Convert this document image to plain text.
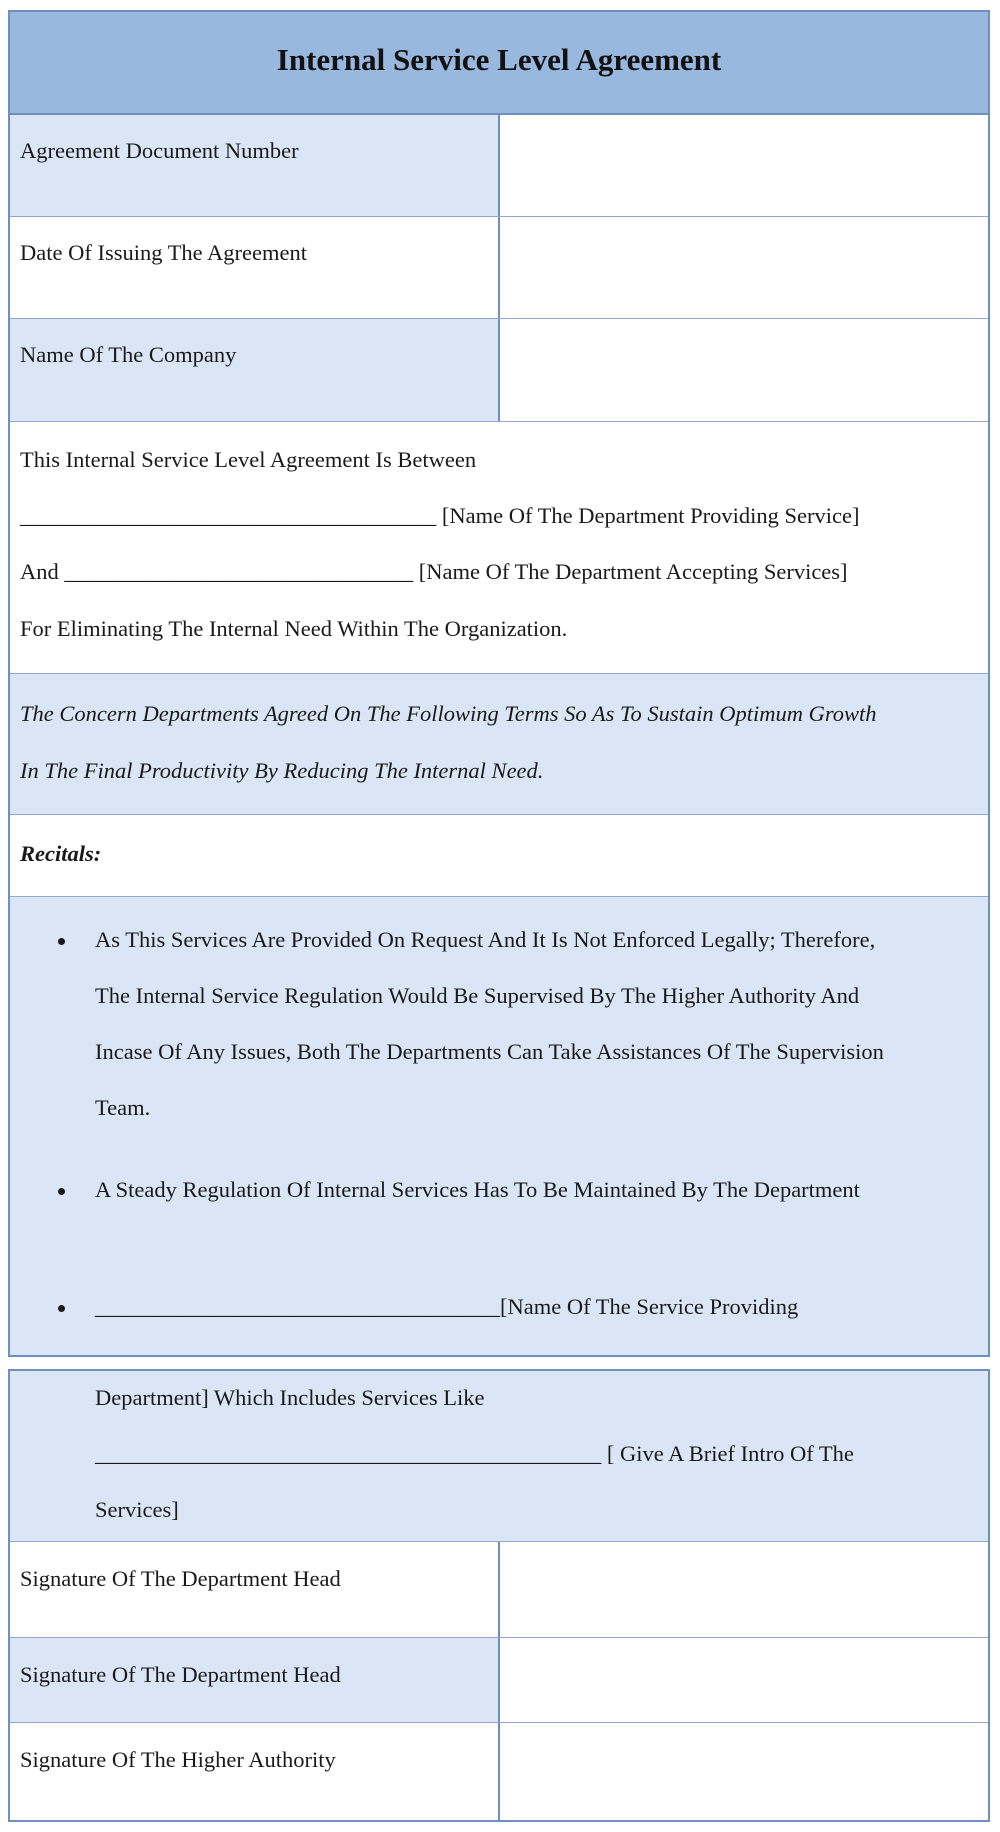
Internal Service Level Agreement
Agreement Document Number
Date Of Issuing The Agreement
Name Of The Company
This Internal Service Level Agreement Is Between
_____________________________________ [Name Of The Department Providing Service]
And _______________________________ [Name Of The Department Accepting Services]
For Eliminating The Internal Need Within The Organization.
The Concern Departments Agreed On The Following Terms So As To Sustain Optimum Growth
In The Final Productivity By Reducing The Internal Need.
Recitals:
As This Services Are Provided On Request And It Is Not Enforced Legally; Therefore,
The Internal Service Regulation Would Be Supervised By The Higher Authority And
Incase Of Any Issues, Both The Departments Can Take Assistances Of The Supervision
Team.
A Steady Regulation Of Internal Services Has To Be Maintained By The Department
____________________________________[Name Of The Service Providing
Department] Which Includes Services Like
_____________________________________________ [ Give A Brief Intro Of The
Services]
Signature Of The Department Head
Signature Of The Department Head
Signature Of The Higher Authority
